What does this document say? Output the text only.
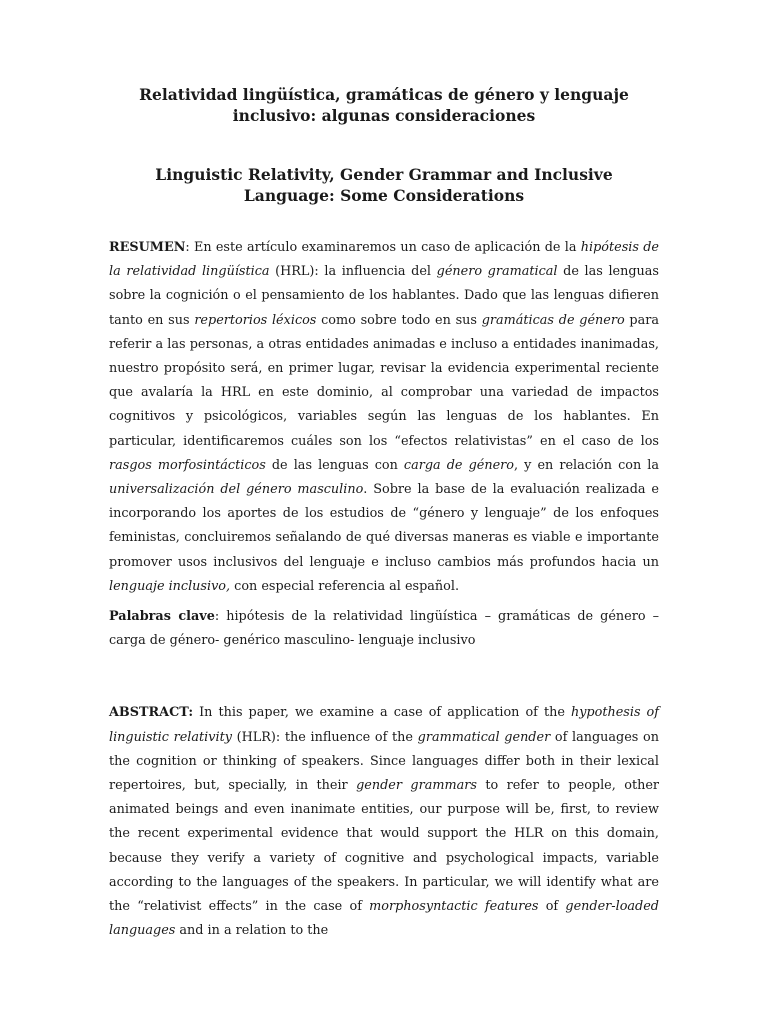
Relatividad lingüística, gramáticas de género y lenguaje inclusivo: algunas consideraciones
Linguistic Relativity, Gender Grammar and Inclusive Language: Some Considerations

RESUMEN: En este artículo examinaremos un caso de aplicación de la hipótesis de la relatividad lingüística (HRL): la influencia del género gramatical de las lenguas sobre la cognición o el pensamiento de los hablantes. Dado que las lenguas difieren tanto en sus repertorios léxicos como sobre todo en sus gramáticas de género para referir a las personas, a otras entidades animadas e incluso a entidades inanimadas, nuestro propósito será, en primer lugar, revisar la evidencia experimental reciente que avalaría la HRL en este dominio, al comprobar una variedad de impactos cognitivos y psicológicos, variables según las lenguas de los hablantes. En particular, identificaremos cuáles son los “efectos relativistas” en el caso de los rasgos morfosintácticos de las lenguas con carga de género, y en relación con la universalización del género masculino. Sobre la base de la evaluación realizada e incorporando los aportes de los estudios de “género y lenguaje” de los enfoques feministas, concluiremos señalando de qué diversas maneras es viable e importante promover usos inclusivos del lenguaje e incluso cambios más profundos hacia un lenguaje inclusivo, con especial referencia al español.

Palabras clave: hipótesis de la relatividad lingüística – gramáticas de género – carga de género- genérico masculino- lenguaje inclusivo

ABSTRACT: In this paper, we examine a case of application of the hypothesis of linguistic relativity (HLR): the influence of the grammatical gender of languages on the cognition or thinking of speakers. Since languages differ both in their lexical repertoires, but, specially, in their gender grammars to refer to people, other animated beings and even inanimate entities, our purpose will be, first, to review the recent experimental evidence that would support the HLR on this domain, because they verify a variety of cognitive and psychological impacts, variable according to the languages of the speakers. In particular, we will identify what are the “relativist effects” in the case of morphosyntactic features of gender-loaded languages and in a relation to the
